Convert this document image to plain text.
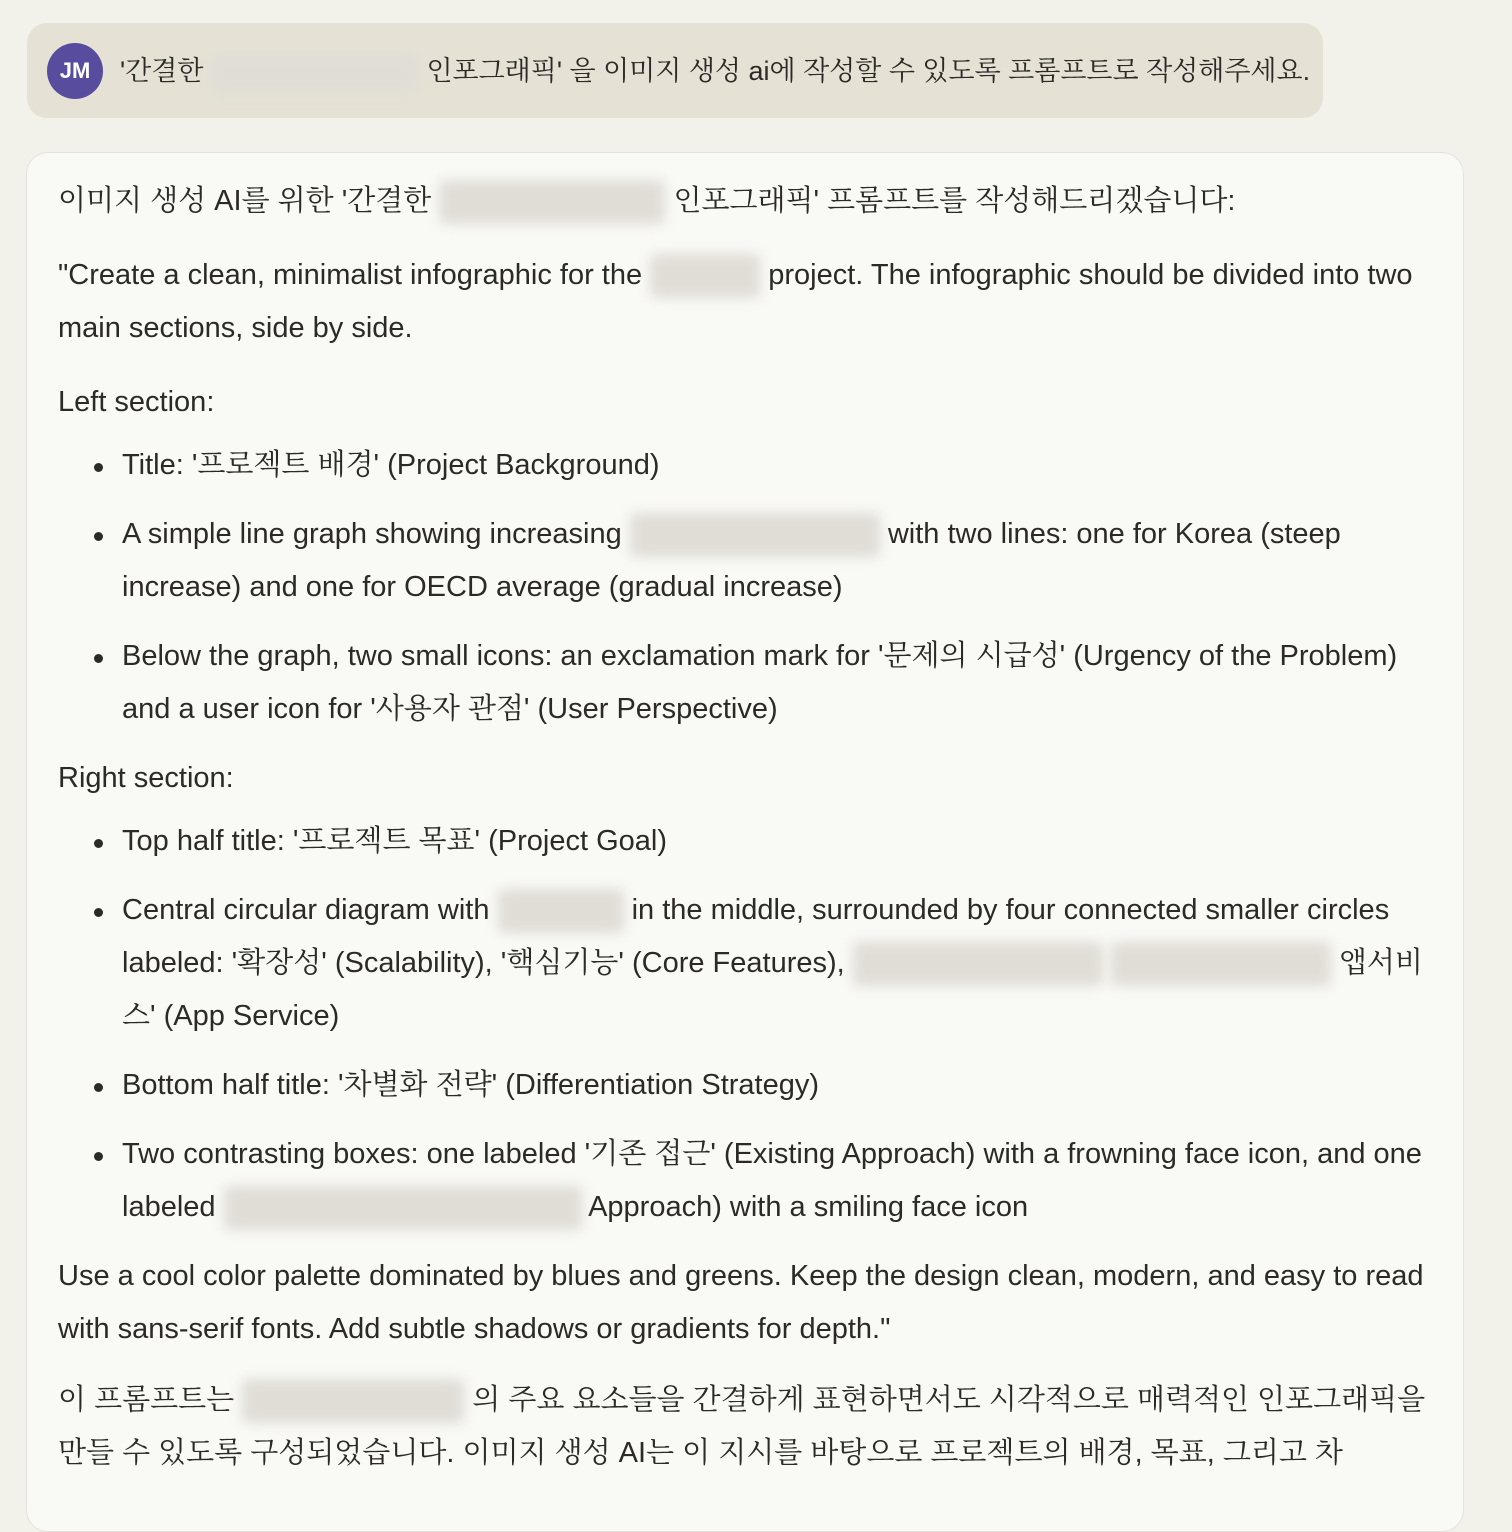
JM	'간결한	인포그래픽' 을 이미지 생성 ai에 작성할 수 있도록 프롬프트로 작성해주세요.

이미지 생성 AI를 위한 '간결한	인포그래픽' 프롬프트를 작성해드리겠습니다:

"Create a clean, minimalist infographic for the	project. The infographic should be divided into two main sections, side by side.

Left section:

Title: '프로젝트 배경' (Project Background)
A simple line graph showing increasing	with two lines: one for Korea (steep increase) and one for OECD average (gradual increase)
Below the graph, two small icons: an exclamation mark for '문제의 시급성' (Urgency of the Problem) and a user icon for '사용자 관점' (User Perspective)

Right section:

Top half title: '프로젝트 목표' (Project Goal)
Central circular diagram with	in the middle, surrounded by four connected smaller circles labeled: '확장성' (Scalability), '핵심기능' (Core Features),	앱서비스' (App Service)
Bottom half title: '차별화 전략' (Differentiation Strategy)
Two contrasting boxes: one labeled '기존 접근' (Existing Approach) with a frowning face icon, and one labeled	Approach) with a smiling face icon

Use a cool color palette dominated by blues and greens. Keep the design clean, modern, and easy to read with sans-serif fonts. Add subtle shadows or gradients for depth."

이 프롬프트는	의 주요 요소들을 간결하게 표현하면서도 시각적으로 매력적인 인포그래픽을 만들 수 있도록 구성되었습니다. 이미지 생성 AI는 이 지시를 바탕으로 프로젝트의 배경, 목표, 그리고 차
